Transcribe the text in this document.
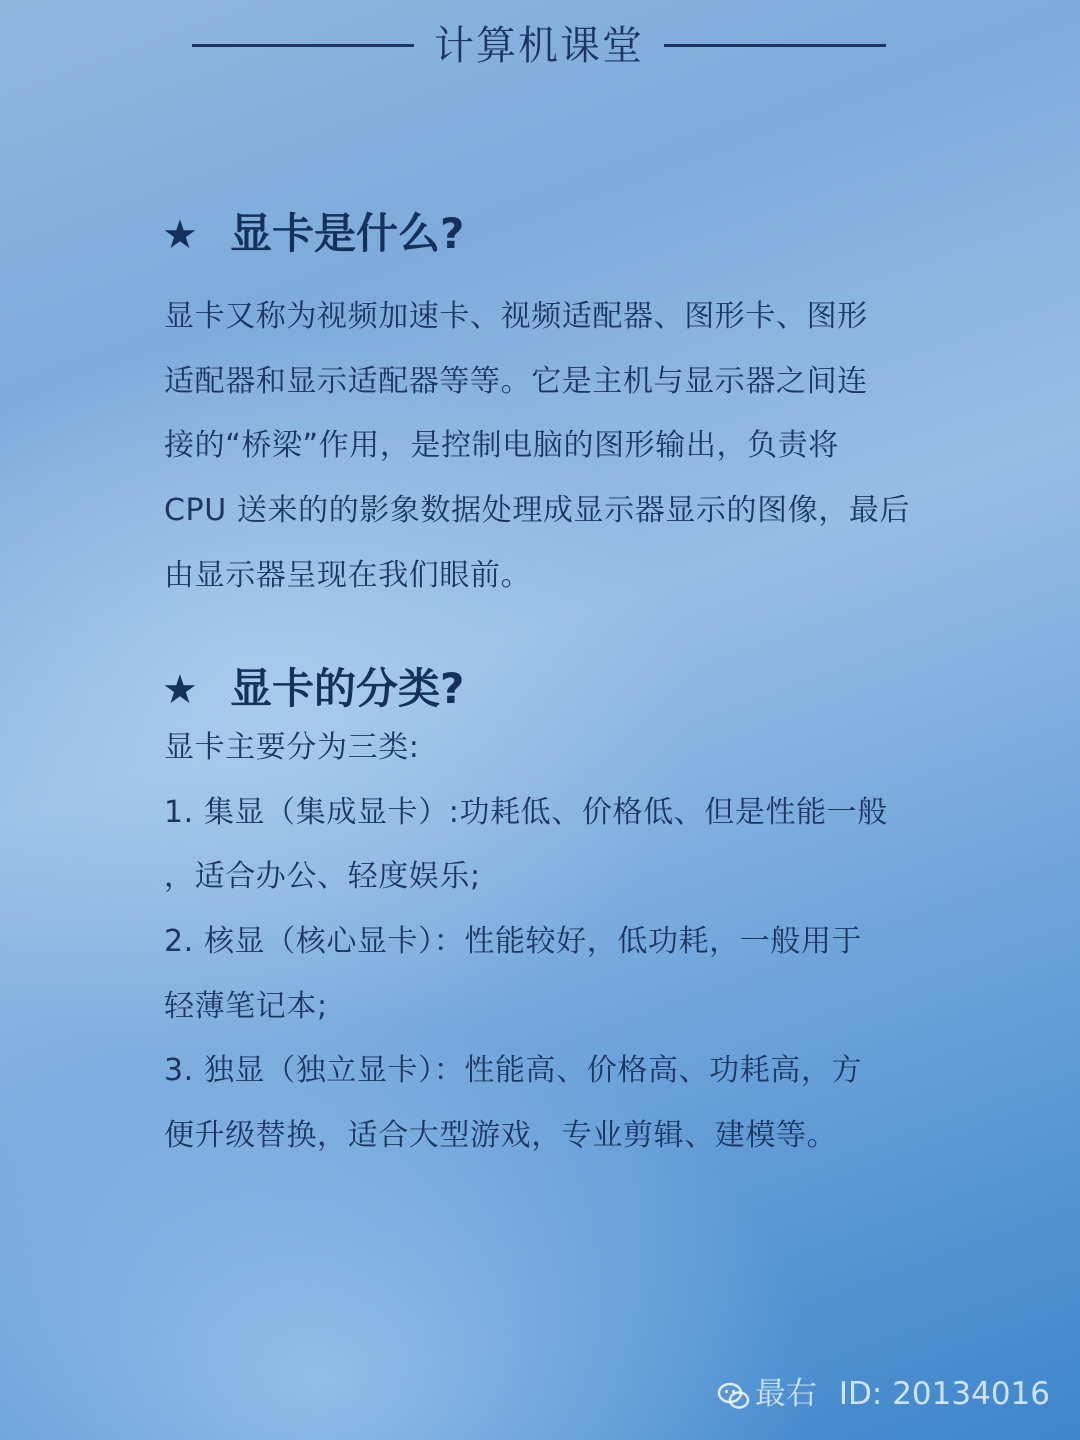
计算机课堂
★ 显卡是什么?
显卡又称为视频加速卡、视频适配器、图形卡、图形
适配器和显示适配器等等。它是主机与显示器之间连
接的“桥梁”作用，是控制电脑的图形输出，负责将
CPU 送来的的影象数据处理成显示器显示的图像，最后
由显示器呈现在我们眼前。
★ 显卡的分类?
显卡主要分为三类:
1. 集显（集成显卡）:功耗低、价格低、但是性能一般
，适合办公、轻度娱乐;
2. 核显（核心显卡）：性能较好，低功耗，一般用于
轻薄笔记本;
3. 独显（独立显卡）：性能高、价格高、功耗高，方
便升级替换，适合大型游戏，专业剪辑、建模等。
最右 ID: 20134016
